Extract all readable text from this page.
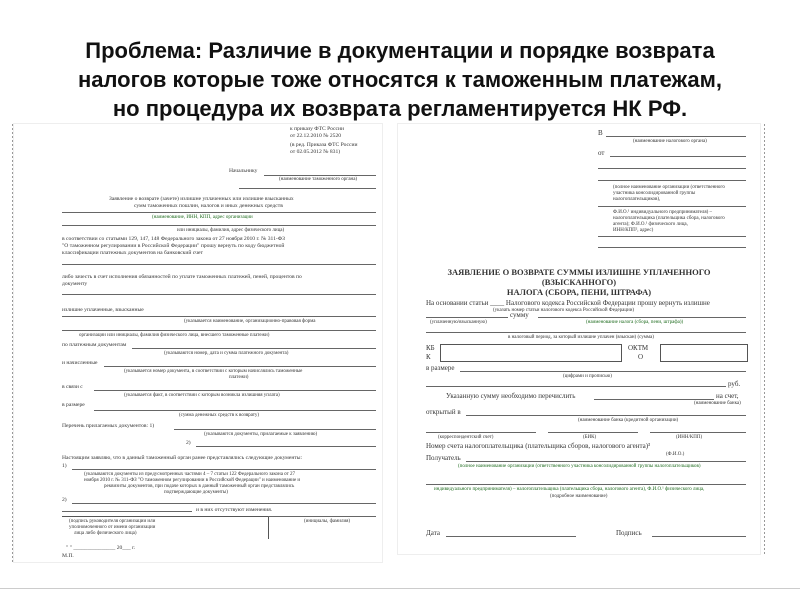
Проблема: Различие в документации и порядке возврата
налогов которые тоже относятся к таможенным платежам,
но процедура их возврата регламентируется НК РФ.
к приказу ФТС России
от 22.12.2010 № 2520
(в ред. Приказа ФТС России
от 02.05.2012 № 831)
Начальнику
(наименование таможенного органа)
Заявление о возврате (зачете) излишне уплаченных или излишне взысканных
сумм таможенных пошлин, налогов и иных денежных средств
(наименование, ИНН, КПП, адрес организации
или инициалы, фамилия, адрес физического лица)
в соответствии со статьями 129, 147, 148 Федерального закона от 27 ноября 2010 г. № 311-ФЗ
"О таможенном регулировании в Российской Федерации" прошу вернуть по коду бюджетной
классификации платежных документов на банковский счет
либо зачесть в счет исполнения обязанностей по уплате таможенных платежей, пеней, процентов по
документу
излишне уплаченные, взысканные
(указывается наименование, организационно-правовая форма
организации или инициалы, фамилия физического лица, внесшего таможенные платежи)
по платежным документам
(указываются номер, дата и сумма платежного документа)
и начисленные
(указывается номер документа, в соответствии с которым начислялись таможенные
платежи)
в связи с
(указывается факт, в соответствии с которым возникла излишняя уплата)
в размере
(сумма денежных средств к возврату)
Перечень прилагаемых документов: 1)
(указываются документы, прилагаемые к заявлению)
2)
Настоящим заявляю, что в данный таможенный орган ранее представлялись следующие документы:
1)
(указываются документы из предусмотренных частями 4 – 7 статьи 122 Федерального закона от 27
ноября 2010 г. № 311-ФЗ "О таможенном регулировании в Российской Федерации" и наименование и
реквизиты документов, при подаче которых в данный таможенный орган представлялись
подтверждающие документы)
2)
и в них отсутствуют изменения.
(подпись руководителя организации или
уполномоченного от имени организации
лица либо физического лица)
(инициалы, фамилия)
" " _______________ 20___ г.
М.П.
В
(наименование налогового органа)
от
(полное наименование организации (ответственного
участника консолидированной группы
налогоплательщиков),
Ф.И.О.¹ индивидуального предпринимателя) –
налогоплательщика (плательщика сбора, налогового
агента); Ф.И.О.¹ физического лица,
ИНН/КПП², адрес)
ЗАЯВЛЕНИЕ О ВОЗВРАТЕ СУММЫ ИЗЛИШНЕ УПЛАЧЕННОГО
(ВЗЫСКАННОГО)
НАЛОГА (СБОРА, ПЕНИ, ШТРАФА)
На основании статьи ____ Налогового кодекса Российской Федерации прошу вернуть излишне
(указать номер статьи налогового кодекса Российской Федерации)
сумму
(уплаченную/взысканную)	(наименование налога (сбора, пени, штрафа))
в налоговый период, за который излишне уплачен (взыскан) (сумма)
КБ
К
ОКТМ
О
в размере
(цифрами и прописью)
руб.
Указанную сумму необходимо перечислить	на счет,
(наименование банка)
открытый в
(наименование банка (кредитной организации)
(корреспондентский счет)	(БИК)	(ИНН/КПП)
Номер счета налогоплательщика (плательщика сборов, налогового агента)³
(Ф.И.О.)
Получатель
(полное наименование организации (ответственного участника консолидированной группы налогоплательщиков)
индивидуального предпринимателя) – налогоплательщика (плательщика сбора, налогового агента), Ф.И.О.¹ физического лица,
(подробное наименование)
Дата	Подпись
